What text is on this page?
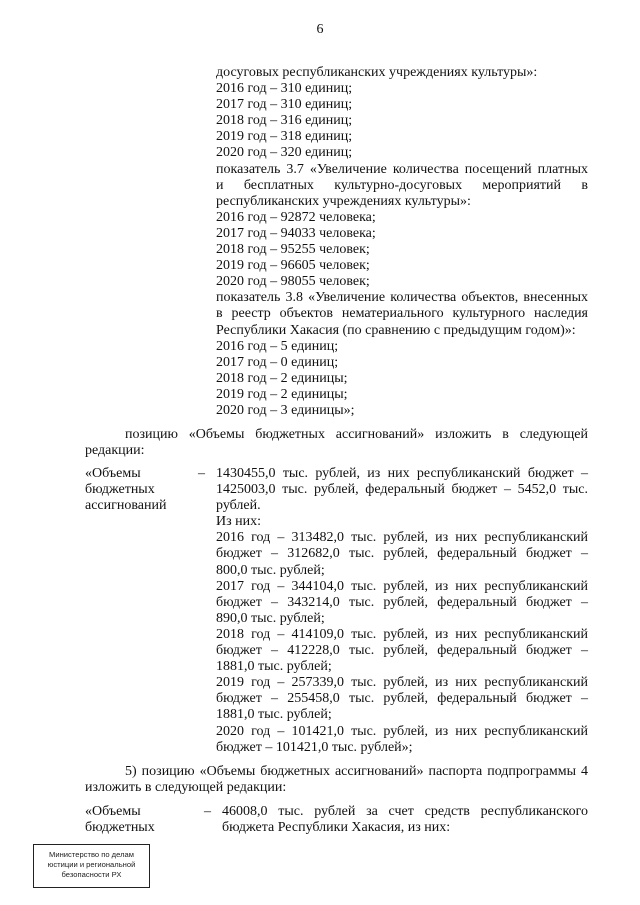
6
досуговых республиканских учреждениях культуры»:
2016 год – 310 единиц;
2017 год – 310 единиц;
2018 год – 316 единиц;
2019 год – 318 единиц;
2020 год – 320 единиц;
показатель 3.7 «Увеличение количества посещений платных
и бесплатных культурно-досуговых мероприятий в
республиканских учреждениях культуры»:
2016 год – 92872 человека;
2017 год – 94033 человека;
2018 год – 95255 человек;
2019 год – 96605 человек;
2020 год – 98055 человек;
показатель 3.8 «Увеличение количества объектов, внесенных
в реестр объектов нематериального культурного наследия
Республики Хакасия (по сравнению с предыдущим годом)»:
2016 год – 5 единиц;
2017 год – 0 единиц;
2018 год – 2 единицы;
2019 год – 2 единицы;
2020 год – 3 единицы»;
позицию «Объемы бюджетных ассигнований» изложить в следующей
редакции:
«Объемы
бюджетных
ассигнований
– 1430455,0 тыс. рублей, из них республиканский бюджет –
1425003,0 тыс. рублей, федеральный бюджет – 5452,0 тыс.
рублей.
Из них:
2016 год – 313482,0 тыс. рублей, из них республиканский
бюджет – 312682,0 тыс. рублей, федеральный бюджет –
800,0 тыс. рублей;
2017 год – 344104,0 тыс. рублей, из них республиканский
бюджет – 343214,0 тыс. рублей, федеральный бюджет –
890,0 тыс. рублей;
2018 год – 414109,0 тыс. рублей, из них республиканский
бюджет – 412228,0 тыс. рублей, федеральный бюджет –
1881,0 тыс. рублей;
2019 год – 257339,0 тыс. рублей, из них республиканский
бюджет – 255458,0 тыс. рублей, федеральный бюджет –
1881,0 тыс. рублей;
2020 год – 101421,0 тыс. рублей, из них республиканский
бюджет – 101421,0 тыс. рублей»;
5) позицию «Объемы бюджетных ассигнований» паспорта подпрограммы 4
изложить в следующей редакции:
«Объемы
бюджетных
– 46008,0 тыс. рублей за счет средств республиканского
бюджета Республики Хакасия, из них:
Министерство по делам
юстиции и региональной
безопасности РХ
